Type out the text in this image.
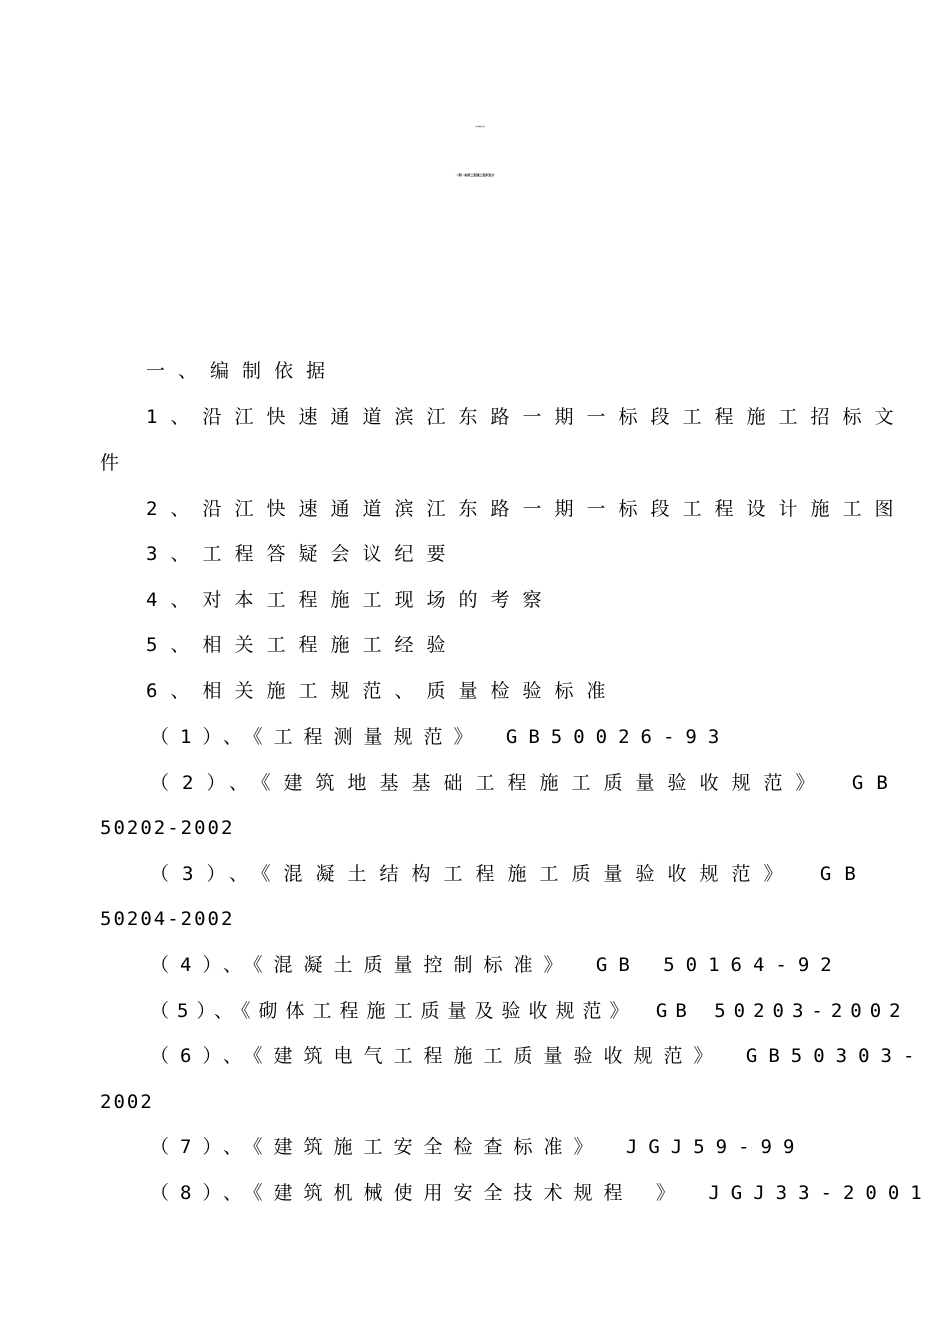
沿江快速通道滨江东路
一期一标段工程施工组织设计
一、编制依据
1、沿江快速通道滨江东路一期一标段工程施工招标文
件
2、沿江快速通道滨江东路一期一标段工程设计施工图
3、工程答疑会议纪要
4、对本工程施工现场的考察
5、相关工程施工经验
6、相关施工规范、质量检验标准
（1）、《工程测量规范》 GB50026-93
（2）、《建筑地基基础工程施工质量验收规范》 GB
50202-2002
（3）、《混凝土结构工程施工质量验收规范》 GB
50204-2002
（4）、《混凝土质量控制标准》 GB 50164-92
（5）、《砌体工程施工质量及验收规范》 GB 50203-2002
（6）、《建筑电气工程施工质量验收规范》 GB50303-
2002
（7）、《建筑施工安全检查标准》 JGJ59-99
（8）、《建筑机械使用安全技术规程 》 JGJ33-2001
